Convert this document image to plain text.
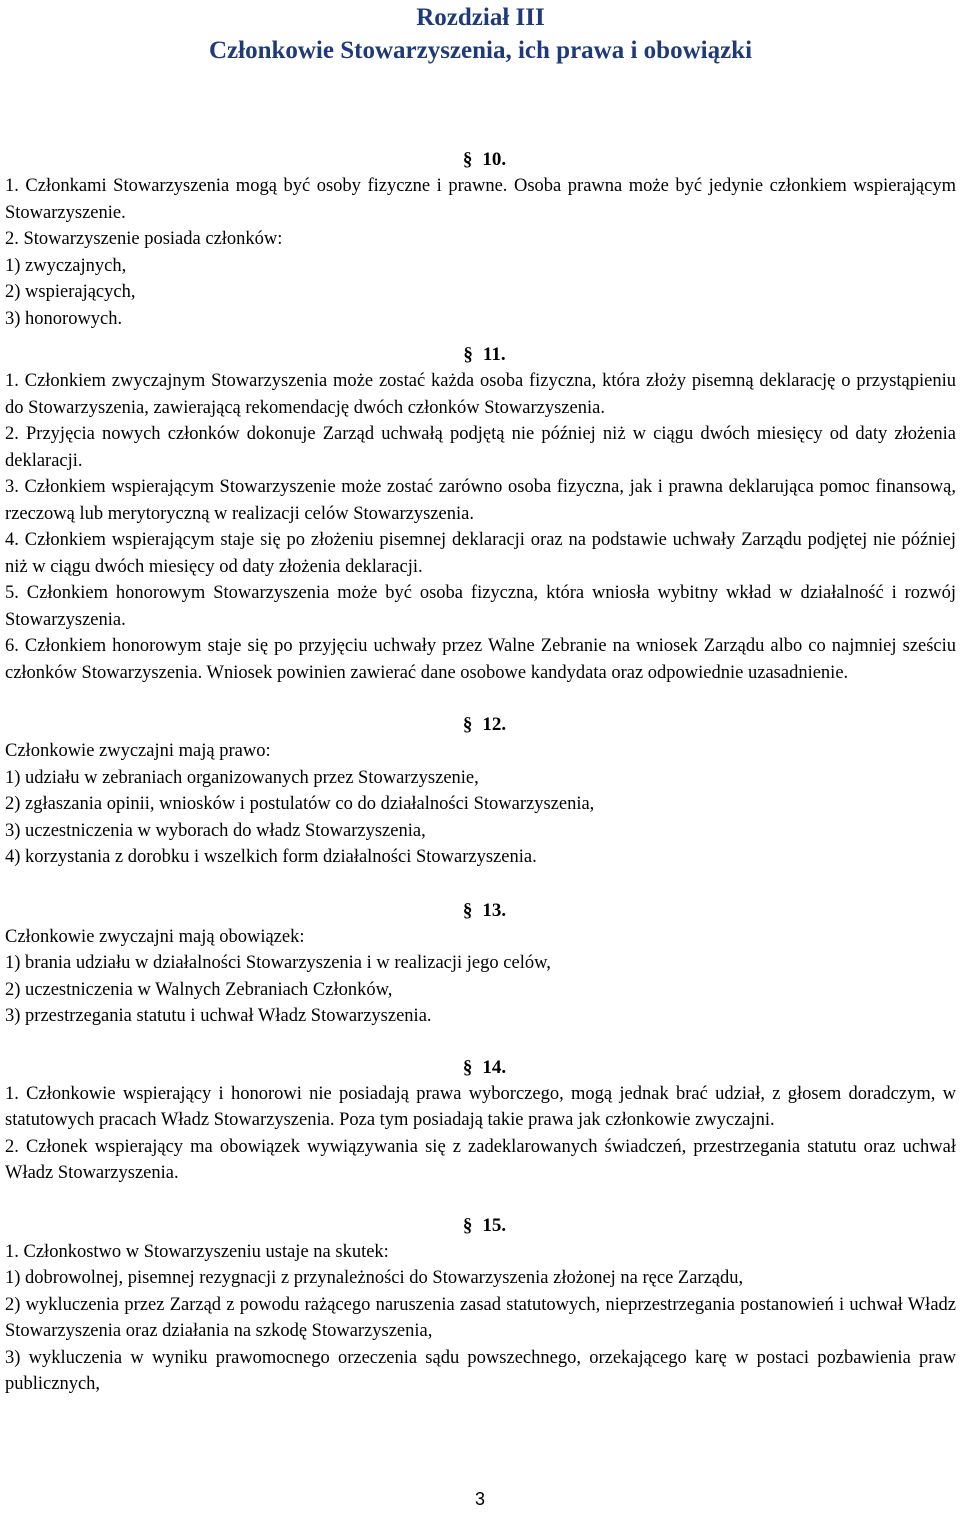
Rozdział III
Członkowie Stowarzyszenia, ich prawa i obowiązki
§ 10.

1. Członkami Stowarzyszenia mogą być osoby fizyczne i prawne. Osoba prawna może być jedynie członkiem wspierającym Stowarzyszenie.

2. Stowarzyszenie posiada członków:

1) zwyczajnych,

2) wspierających,

3) honorowych.

§ 11.

1. Członkiem zwyczajnym Stowarzyszenia może zostać każda osoba fizyczna, która złoży pisemną deklarację o przystąpieniu do Stowarzyszenia, zawierającą rekomendację dwóch członków Stowarzyszenia.

2. Przyjęcia nowych członków dokonuje Zarząd uchwałą podjętą nie później niż w ciągu dwóch miesięcy od daty złożenia deklaracji.

3. Członkiem wspierającym Stowarzyszenie może zostać zarówno osoba fizyczna, jak i prawna deklarująca pomoc finansową, rzeczową lub merytoryczną w realizacji celów Stowarzyszenia.

4. Członkiem wspierającym staje się po złożeniu pisemnej deklaracji oraz na podstawie uchwały Zarządu podjętej nie później niż w ciągu dwóch miesięcy od daty złożenia deklaracji.

5. Członkiem honorowym Stowarzyszenia może być osoba fizyczna, która wniosła wybitny wkład w działalność i rozwój Stowarzyszenia.

6. Członkiem honorowym staje się po przyjęciu uchwały przez Walne Zebranie na wniosek Zarządu albo co najmniej sześciu członków Stowarzyszenia. Wniosek powinien zawierać dane osobowe kandydata oraz odpowiednie uzasadnienie.

§ 12.

Członkowie zwyczajni mają prawo:

1) udziału w zebraniach organizowanych przez Stowarzyszenie,

2) zgłaszania opinii, wniosków i postulatów co do działalności Stowarzyszenia,

3) uczestniczenia w wyborach do władz Stowarzyszenia,

4) korzystania z dorobku i wszelkich form działalności Stowarzyszenia.

§ 13.

Członkowie zwyczajni mają obowiązek:

1) brania udziału w działalności Stowarzyszenia i w realizacji jego celów,

2) uczestniczenia w Walnych Zebraniach Członków,

3) przestrzegania statutu i uchwał Władz Stowarzyszenia.

§ 14.

1. Członkowie wspierający i honorowi nie posiadają prawa wyborczego, mogą jednak brać udział, z głosem doradczym, w statutowych pracach Władz Stowarzyszenia. Poza tym posiadają takie prawa jak członkowie zwyczajni.

2. Członek wspierający ma obowiązek wywiązywania się z zadeklarowanych świadczeń, przestrzegania statutu oraz uchwał Władz Stowarzyszenia.

§ 15.

1. Członkostwo w Stowarzyszeniu ustaje na skutek:

1) dobrowolnej, pisemnej rezygnacji z przynależności do Stowarzyszenia złożonej na ręce Zarządu,

2) wykluczenia przez Zarząd z powodu rażącego naruszenia zasad statutowych, nieprzestrzegania postanowień i uchwał Władz Stowarzyszenia oraz działania na szkodę Stowarzyszenia,

3) wykluczenia w wyniku prawomocnego orzeczenia sądu powszechnego, orzekającego karę w postaci pozbawienia praw publicznych,

3
